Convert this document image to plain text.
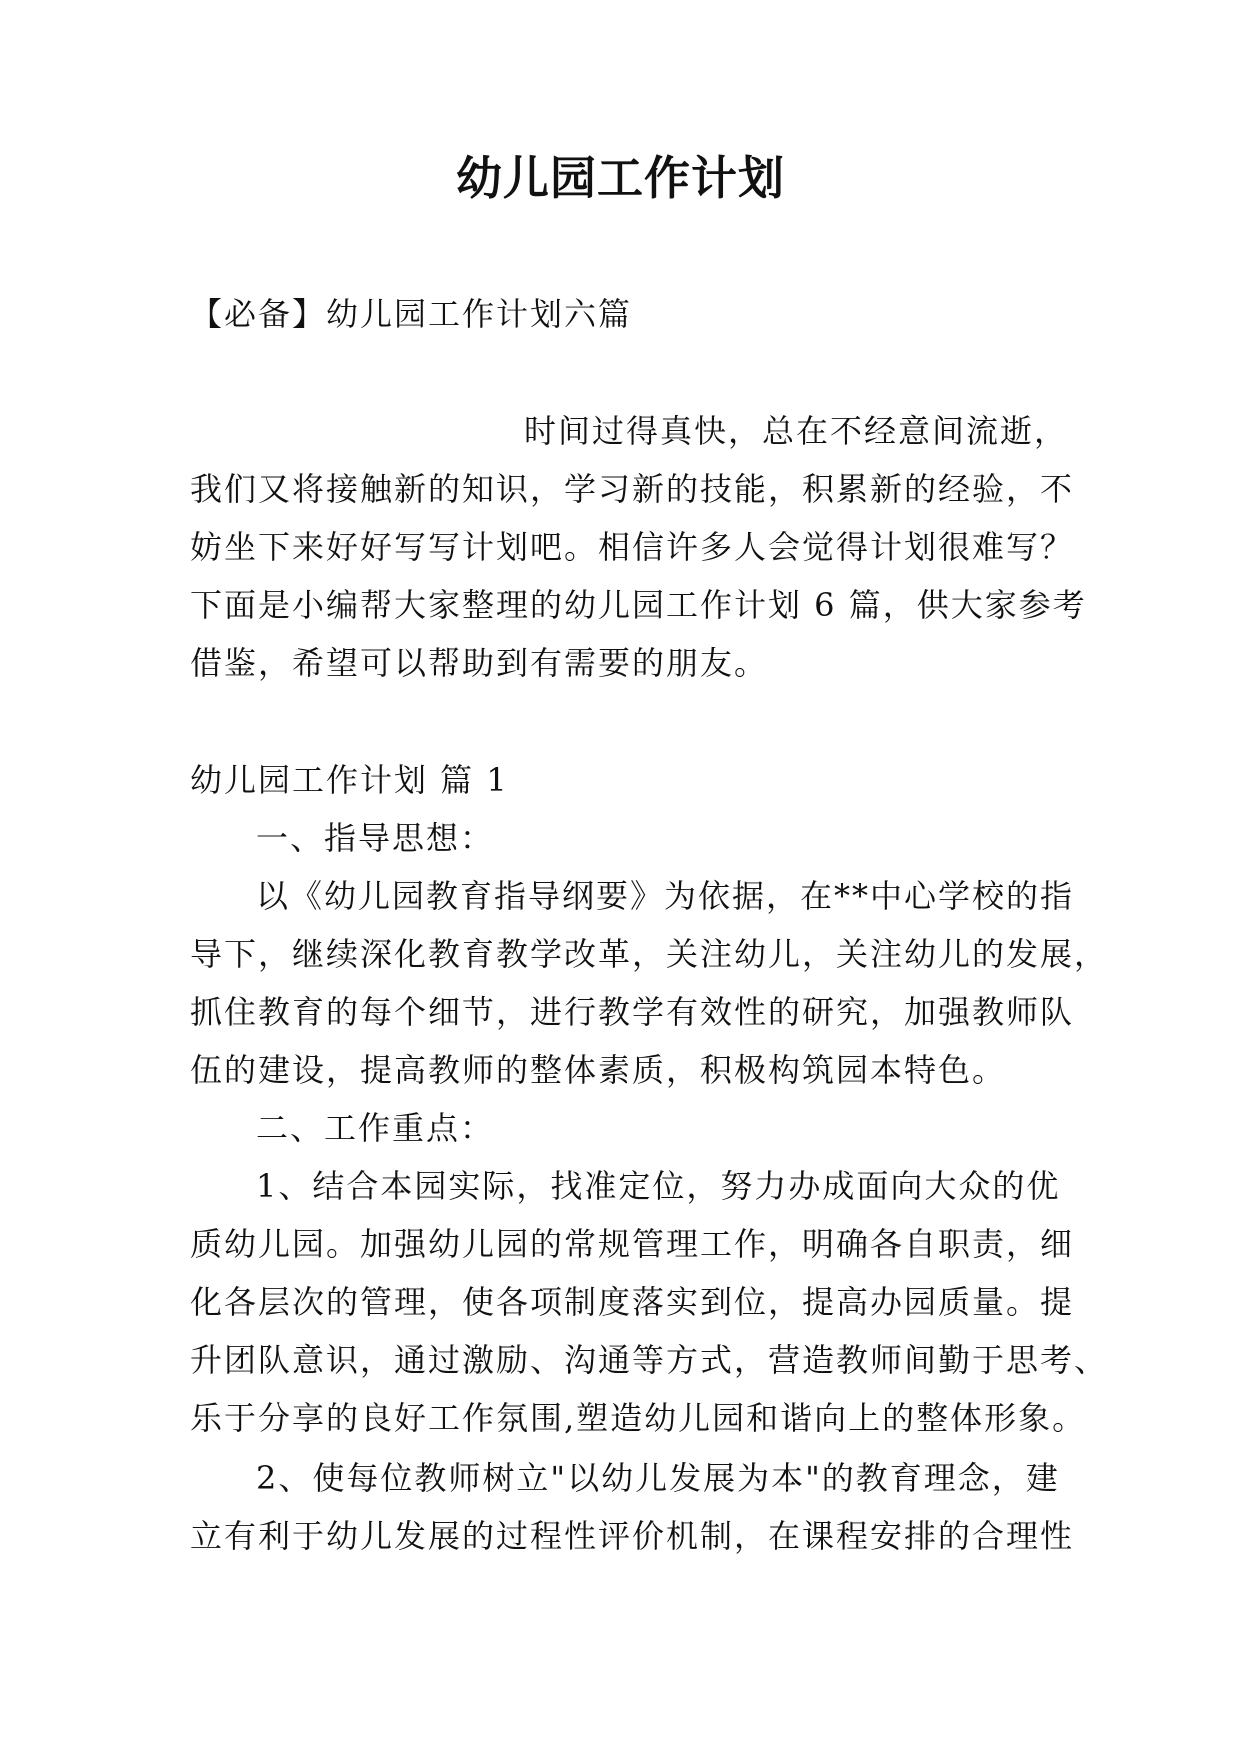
幼儿园工作计划
【必备】幼儿园工作计划六篇
时间过得真快，总在不经意间流逝，
我们又将接触新的知识，学习新的技能，积累新的经验，不
妨坐下来好好写写计划吧。相信许多人会觉得计划很难写？
下面是小编帮大家整理的幼儿园工作计划 6 篇，供大家参考
借鉴，希望可以帮助到有需要的朋友。
幼儿园工作计划 篇 1
一、指导思想：
以《幼儿园教育指导纲要》为依据，在**中心学校的指
导下，继续深化教育教学改革，关注幼儿，关注幼儿的发展，
抓住教育的每个细节，进行教学有效性的研究，加强教师队
伍的建设，提高教师的整体素质，积极构筑园本特色。
二、工作重点：
1、结合本园实际，找准定位，努力办成面向大众的优
质幼儿园。加强幼儿园的常规管理工作，明确各自职责，细
化各层次的管理，使各项制度落实到位，提高办园质量。提
升团队意识，通过激励、沟通等方式，营造教师间勤于思考、
乐于分享的良好工作氛围,塑造幼儿园和谐向上的整体形象。
2、使每位教师树立"以幼儿发展为本"的教育理念，建
立有利于幼儿发展的过程性评价机制，在课程安排的合理性
